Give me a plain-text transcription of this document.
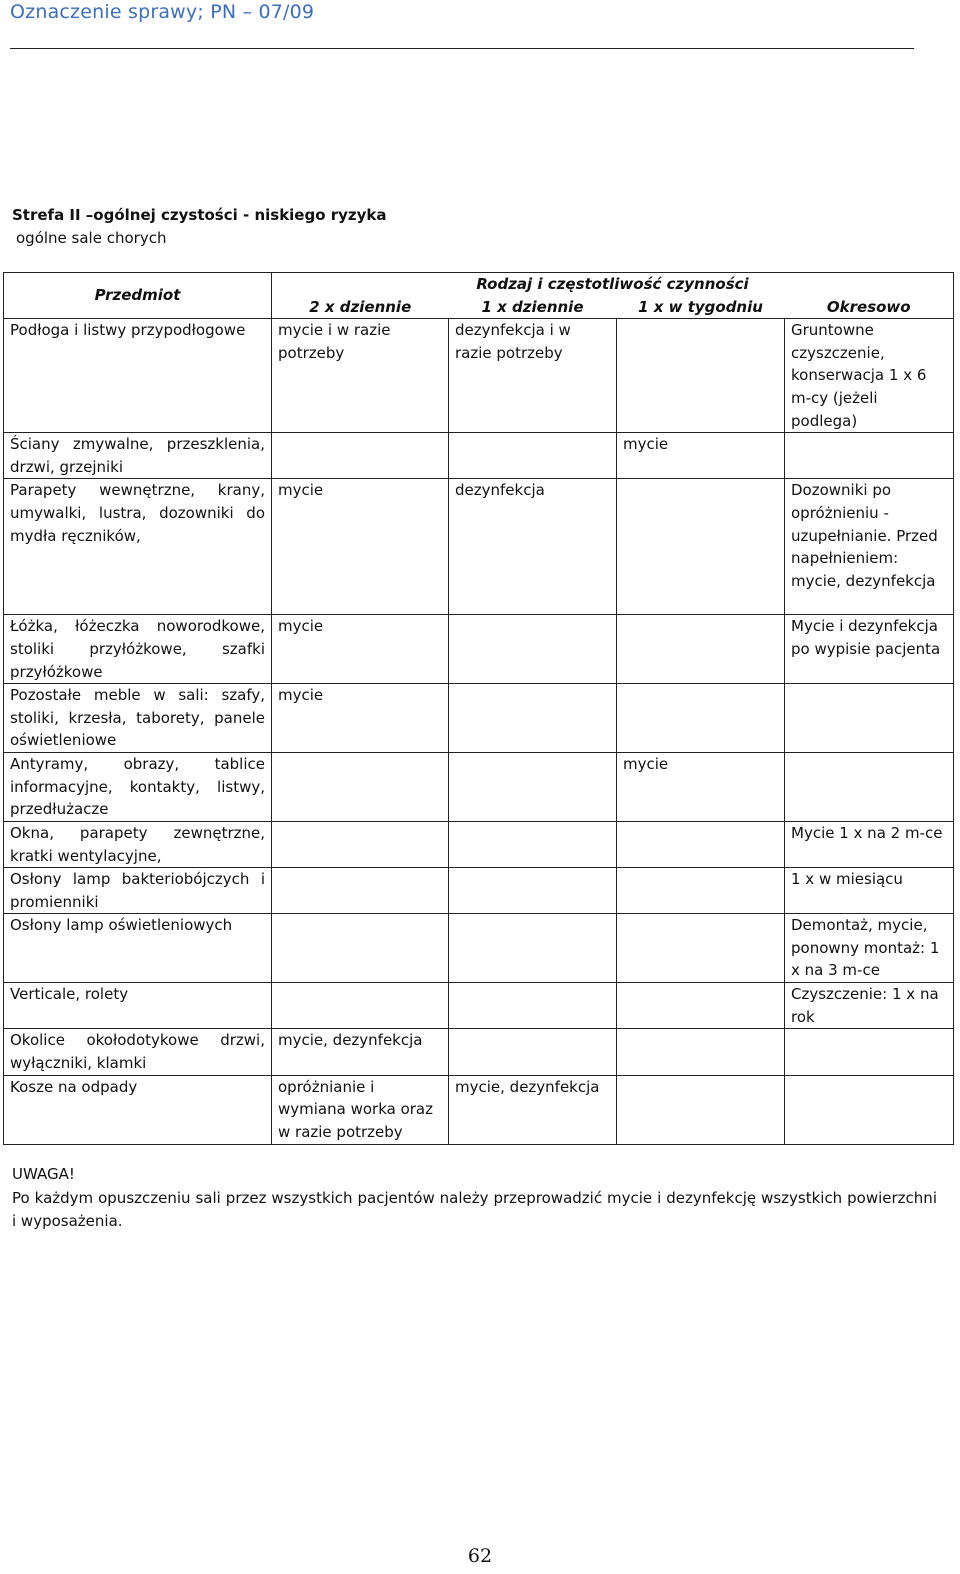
Oznaczenie sprawy; PN – 07/09
Strefa II –ogólnej czystości - niskiego ryzyka
ogólne sale chorych
Przedmiot	Rodzaj i częstotliwość czynności			
	2 x dziennie	1 x dziennie	1 x w tygodniu	Okresowo
Podłoga i listwy przypodłogowe	mycie i w razie potrzeby	dezynfekcja i w razie potrzeby		Gruntowne czyszczenie, konserwacja 1 x 6 m-cy (jeżeli podlega)
Ściany zmywalne, przeszklenia, drzwi, grzejniki			mycie	
Parapety wewnętrzne, krany, umywalki, lustra, dozowniki do mydła ręczników,	mycie	dezynfekcja		Dozowniki po opróżnieniu - uzupełnianie. Przed napełnieniem: mycie, dezynfekcja
Łóżka, łóżeczka noworodkowe, stoliki przyłóżkowe, szafki przyłóżkowe	mycie			Mycie i dezynfekcja po wypisie pacjenta
Pozostałe meble w sali: szafy, stoliki, krzesła, taborety, panele oświetleniowe	mycie			
Antyramy, obrazy, tablice informacyjne, kontakty, listwy, przedłużacze			mycie	
Okna, parapety zewnętrzne, kratki wentylacyjne,				Mycie 1 x na 2 m-ce
Osłony lamp bakteriobójczych i promienniki				1 x w miesiącu
Osłony lamp oświetleniowych				Demontaż, mycie, ponowny montaż: 1 x na 3 m-ce
Verticale, rolety				Czyszczenie: 1 x na rok
Okolice okołodotykowe drzwi, wyłączniki, klamki	mycie, dezynfekcja			
Kosze na odpady	opróżnianie i wymiana worka oraz w razie potrzeby	mycie, dezynfekcja		
UWAGA!
Po każdym opuszczeniu sali przez wszystkich pacjentów należy przeprowadzić mycie i dezynfekcję wszystkich powierzchni i wyposażenia.
62
